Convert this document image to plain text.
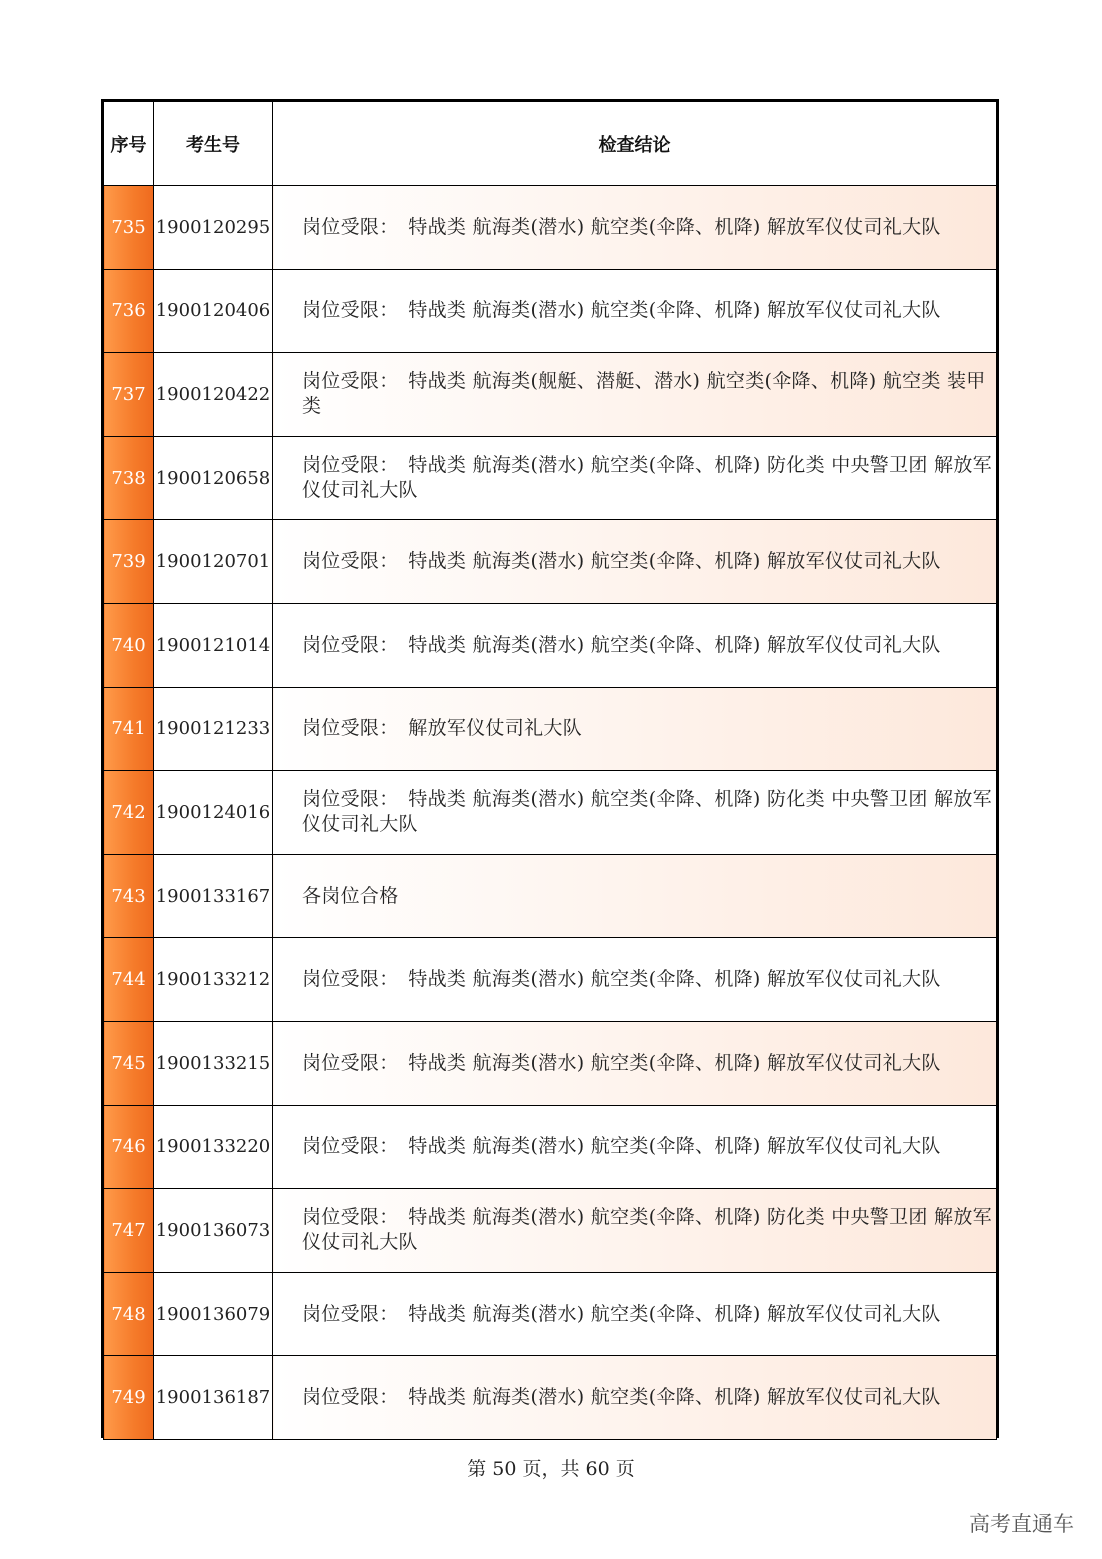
序号	考生号	检查结论
735	1900120295	岗位受限：　特战类 航海类(潜水) 航空类(伞降、机降) 解放军仪仗司礼大队
736	1900120406	岗位受限：　特战类 航海类(潜水) 航空类(伞降、机降) 解放军仪仗司礼大队
737	1900120422	岗位受限：　特战类 航海类(舰艇、潜艇、潜水) 航空类(伞降、机降) 航空类 装甲类
738	1900120658	岗位受限：　特战类 航海类(潜水) 航空类(伞降、机降) 防化类 中央警卫团 解放军仪仗司礼大队
739	1900120701	岗位受限：　特战类 航海类(潜水) 航空类(伞降、机降) 解放军仪仗司礼大队
740	1900121014	岗位受限：　特战类 航海类(潜水) 航空类(伞降、机降) 解放军仪仗司礼大队
741	1900121233	岗位受限：　解放军仪仗司礼大队
742	1900124016	岗位受限：　特战类 航海类(潜水) 航空类(伞降、机降) 防化类 中央警卫团 解放军仪仗司礼大队
743	1900133167	各岗位合格
744	1900133212	岗位受限：　特战类 航海类(潜水) 航空类(伞降、机降) 解放军仪仗司礼大队
745	1900133215	岗位受限：　特战类 航海类(潜水) 航空类(伞降、机降) 解放军仪仗司礼大队
746	1900133220	岗位受限：　特战类 航海类(潜水) 航空类(伞降、机降) 解放军仪仗司礼大队
747	1900136073	岗位受限：　特战类 航海类(潜水) 航空类(伞降、机降) 防化类 中央警卫团 解放军仪仗司礼大队
748	1900136079	岗位受限：　特战类 航海类(潜水) 航空类(伞降、机降) 解放军仪仗司礼大队
749	1900136187	岗位受限：　特战类 航海类(潜水) 航空类(伞降、机降) 解放军仪仗司礼大队
第 50 页，共 60 页
高考直通车
